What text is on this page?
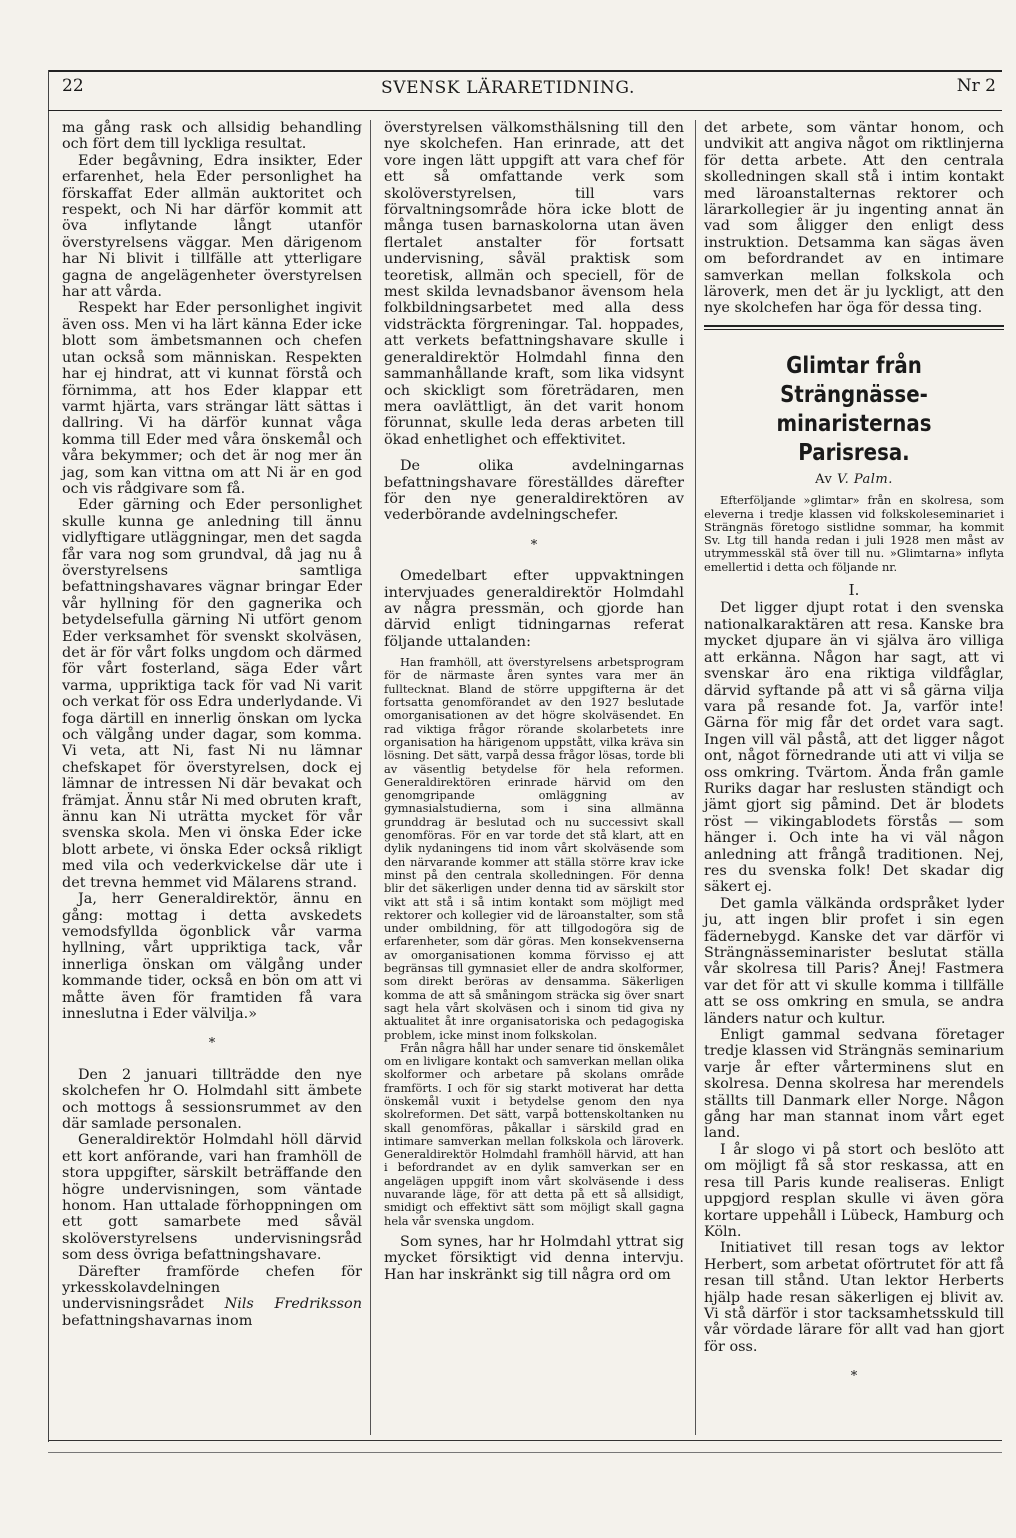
22	SVENSK LÄRARETIDNING.	Nr 2

ma gång rask och allsidig behandling och fört dem till lyckliga resultat.

Eder begåvning, Edra insikter, Eder erfarenhet, hela Eder personlighet ha förskaffat Eder allmän auktoritet och respekt, och Ni har därför kommit att öva inflytande långt utanför överstyrelsens väggar. Men därigenom har Ni blivit i tillfälle att ytterligare gagna de angelägenheter överstyrelsen har att vårda.

Respekt har Eder personlighet ingivit även oss. Men vi ha lärt känna Eder icke blott som ämbetsmannen och chefen utan också som människan. Respekten har ej hindrat, att vi kunnat förstå och förnimma, att hos Eder klappar ett varmt hjärta, vars strängar lätt sättas i dallring. Vi ha därför kunnat våga komma till Eder med våra önskemål och våra bekymmer; och det är nog mer än jag, som kan vittna om att Ni är en god och vis rådgivare som få.

Eder gärning och Eder personlighet skulle kunna ge anledning till ännu vidlyftigare utläggningar, men det sagda får vara nog som grundval, då jag nu å överstyrelsens samtliga befattningshavares vägnar bringar Eder vår hyllning för den gagnerika och betydelsefulla gärning Ni utfört genom Eder verksamhet för svenskt skolväsen, det är för vårt folks ungdom och därmed för vårt fosterland, säga Eder vårt varma, uppriktiga tack för vad Ni varit och verkat för oss Edra underlydande. Vi foga därtill en innerlig önskan om lycka och välgång under dagar, som komma. Vi veta, att Ni, fast Ni nu lämnar chefskapet för överstyrelsen, dock ej lämnar de intressen Ni där bevakat och främjat. Ännu står Ni med obruten kraft, ännu kan Ni uträtta mycket för vår svenska skola. Men vi önska Eder icke blott arbete, vi önska Eder också rikligt med vila och vederkvickelse där ute i det trevna hemmet vid Mälarens strand.

Ja, herr Generaldirektör, ännu en gång: mottag i detta avskedets vemodsfyllda ögonblick vår varma hyllning, vårt uppriktiga tack, vår innerliga önskan om välgång under kommande tider, också en bön om att vi måtte även för framtiden få vara inneslutna i Eder välvilja.»

*

Den 2 januari tillträdde den nye skolchefen hr O. Holmdahl sitt ämbete och mottogs å sessionsrummet av den där samlade personalen.

Generaldirektör Holmdahl höll därvid ett kort anförande, vari han framhöll de stora uppgifter, särskilt beträffande den högre undervisningen, som väntade honom. Han uttalade förhoppningen om ett gott samarbete med såväl skolöverstyrelsens undervisningsråd som dess övriga befattningshavare.

Därefter framförde chefen för yrkesskolavdelningen undervisningsrådet Nils Fredriksson befattningshavarnas inom

överstyrelsen välkomsthälsning till den nye skolchefen. Han erinrade, att det vore ingen lätt uppgift att vara chef för ett så omfattande verk som skolöverstyrelsen, till vars förvaltningsområde höra icke blott de många tusen barnaskolorna utan även flertalet anstalter för fortsatt undervisning, såväl praktisk som teoretisk, allmän och speciell, för de mest skilda levnadsbanor ävensom hela folkbildningsarbetet med alla dess vidsträckta förgreningar. Tal. hoppades, att verkets befattningshavare skulle i generaldirektör Holmdahl finna den sammanhållande kraft, som lika vidsynt och skickligt som företrädaren, men mera oavlättligt, än det varit honom förunnat, skulle leda deras arbeten till ökad enhetlighet och effektivitet.

De olika avdelningarnas befattningshavare föreställdes därefter för den nye generaldirektören av vederbörande avdelningschefer.

*

Omedelbart efter uppvaktningen intervjuades generaldirektör Holmdahl av några pressmän, och gjorde han därvid enligt tidningarnas referat följande uttalanden:

Han framhöll, att överstyrelsens arbetsprogram för de närmaste åren syntes vara mer än fulltecknat. Bland de större uppgifterna är det fortsatta genomförandet av den 1927 beslutade omorganisationen av det högre skolväsendet. En rad viktiga frågor rörande skolarbetets inre organisation ha härigenom uppstått, vilka kräva sin lösning. Det sätt, varpå dessa frågor lösas, torde bli av väsentlig betydelse för hela reformen. Generaldirektören erinrade härvid om den genomgripande omläggning av gymnasialstudierna, som i sina allmänna grunddrag är beslutad och nu successivt skall genomföras. För en var torde det stå klart, att en dylik nydaningens tid inom vårt skolväsende som den närvarande kommer att ställa större krav icke minst på den centrala skolledningen. För denna blir det säkerligen under denna tid av särskilt stor vikt att stå i så intim kontakt som möjligt med rektorer och kollegier vid de läroanstalter, som stå under ombildning, för att tillgodogöra sig de erfarenheter, som där göras. Men konsekvenserna av omorganisationen komma förvisso ej att begränsas till gymnasiet eller de andra skolformer, som direkt beröras av densamma. Säkerligen komma de att så småningom sträcka sig över snart sagt hela vårt skolväsen och i sinom tid giva ny aktualitet åt inre organisatoriska och pedagogiska problem, icke minst inom folkskolan.

Från några håll har under senare tid önskemålet om en livligare kontakt och samverkan mellan olika skolformer och arbetare på skolans område framförts. I och för sig starkt motiverat har detta önskemål vuxit i betydelse genom den nya skolreformen. Det sätt, varpå bottenskoltanken nu skall genomföras, påkallar i särskild grad en intimare samverkan mellan folkskola och läroverk. Generaldirektör Holmdahl framhöll härvid, att han i befordrandet av en dylik samverkan ser en angelägen uppgift inom vårt skolväsende i dess nuvarande läge, för att detta på ett så allsidigt, smidigt och effektivt sätt som möjligt skall gagna hela vår svenska ungdom.

Som synes, har hr Holmdahl yttrat sig mycket försiktigt vid denna intervju. Han har inskränkt sig till några ord om

det arbete, som väntar honom, och undvikit att angiva något om riktlinjerna för detta arbete. Att den centrala skolledningen skall stå i intim kontakt med läroanstalternas rektorer och lärarkollegier är ju ingenting annat än vad som åligger den enligt dess instruktion. Detsamma kan sägas även om befordrandet av en intimare samverkan mellan folkskola och läroverk, men det är ju lyckligt, att den nye skolchefen har öga för dessa ting.

Glimtar från Strängnässe-
minaristernas Parisresa.
Av V. Palm.

Efterföljande »glimtar» från en skolresa, som eleverna i tredje klassen vid folkskoleseminariet i Strängnäs företogo sistlidne sommar, ha kommit Sv. Ltg till handa redan i juli 1928 men måst av utrymmesskäl stå över till nu. »Glimtarna» inflyta emellertid i detta och följande nr.

I.

Det ligger djupt rotat i den svenska nationalkaraktären att resa. Kanske bra mycket djupare än vi själva äro villiga att erkänna. Någon har sagt, att vi svenskar äro ena riktiga vildfåglar, därvid syftande på att vi så gärna vilja vara på resande fot. Ja, varför inte! Gärna för mig får det ordet vara sagt. Ingen vill väl påstå, att det ligger något ont, något förnedrande uti att vi vilja se oss omkring. Tvärtom. Ända från gamle Ruriks dagar har reslusten ständigt och jämt gjort sig påmind. Det är blodets röst — vikingablodets förstås — som hänger i. Och inte ha vi väl någon anledning att frångå traditionen. Nej, res du svenska folk! Det skadar dig säkert ej.

Det gamla välkända ordspråket lyder ju, att ingen blir profet i sin egen fädernebygd. Kanske det var därför vi Strängnässeminarister beslutat ställa vår skolresa till Paris? Ånej! Fastmera var det för att vi skulle komma i tillfälle att se oss omkring en smula, se andra länders natur och kultur.

Enligt gammal sedvana företager tredje klassen vid Strängnäs seminarium varje år efter vårterminens slut en skolresa. Denna skolresa har merendels ställts till Danmark eller Norge. Någon gång har man stannat inom vårt eget land.

I år slogo vi på stort och beslöto att om möjligt få så stor reskassa, att en resa till Paris kunde realiseras. Enligt uppgjord resplan skulle vi även göra kortare uppehåll i Lübeck, Hamburg och Köln.

Initiativet till resan togs av lektor Herbert, som arbetat oförtrutet för att få resan till stånd. Utan lektor Herberts hjälp hade resan säkerligen ej blivit av. Vi stå därför i stor tacksamhetsskuld till vår vördade lärare för allt vad han gjort för oss.

*
